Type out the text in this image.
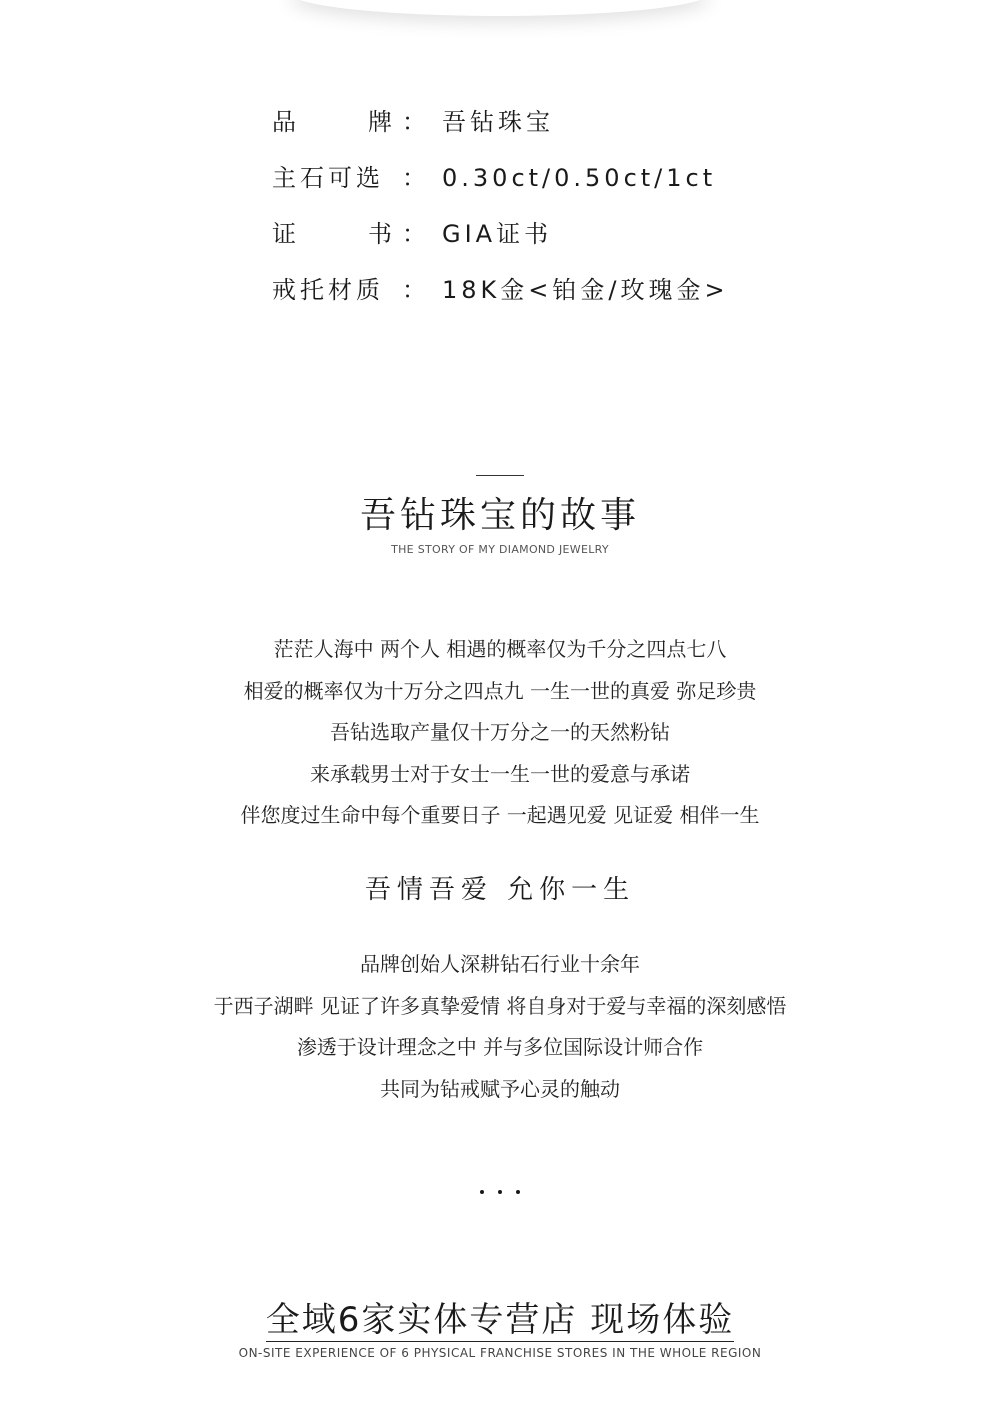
品	牌 ： 吾钻珠宝
主石可选 ： 0.30ct/0.50ct/1ct
证	书 ： GIA证书
戒托材质 ： 18K金<铂金/玫瑰金>
吾钻珠宝的故事
THE STORY OF MY DIAMOND JEWELRY
茫茫人海中 两个人 相遇的概率仅为千分之四点七八
相爱的概率仅为十万分之四点九 一生一世的真爱 弥足珍贵
吾钻选取产量仅十万分之一的天然粉钻
来承载男士对于女士一生一世的爱意与承诺
伴您度过生命中每个重要日子 一起遇见爱 见证爱 相伴一生
吾情吾爱 允你一生
品牌创始人深耕钻石行业十余年
于西子湖畔 见证了许多真挚爱情 将自身对于爱与幸福的深刻感悟
渗透于设计理念之中 并与多位国际设计师合作
共同为钻戒赋予心灵的触动
全域6家实体专营店 现场体验
ON-SITE EXPERIENCE OF 6 PHYSICAL FRANCHISE STORES IN THE WHOLE REGION
